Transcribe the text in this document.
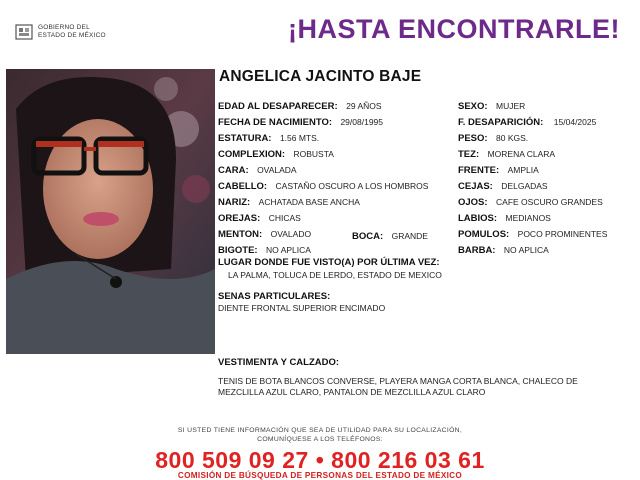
GOBIERNO DEL
ESTADO DE MÉXICO	¡HASTA ENCONTRARLE!
ANGELICA JACINTO BAJE
EDAD AL DESAPARECER: 29 AÑOS
FECHA DE NACIMIENTO: 29/08/1995
ESTATURA: 1.56 MTS.
COMPLEXION: ROBUSTA
CARA: OVALADA
CABELLO: CASTAÑO OSCURO A LOS HOMBROS
NARIZ: ACHATADA BASE ANCHA
OREJAS: CHICAS
MENTON: OVALADO
BIGOTE: NO APLICA
BOCA: GRANDE
SEXO: MUJER
F. DESAPARICIÓN: 15/04/2025
PESO: 80 KGS.
TEZ: MORENA CLARA
FRENTE: AMPLIA
CEJAS: DELGADAS
OJOS: CAFE OSCURO GRANDES
LABIOS: MEDIANOS
POMULOS: POCO PROMINENTES
BARBA: NO APLICA
LUGAR DONDE FUE VISTO(A) POR ÚLTIMA VEZ:
LA PALMA, TOLUCA DE LERDO, ESTADO DE MEXICO
SENAS PARTICULARES:
DIENTE FRONTAL SUPERIOR ENCIMADO
VESTIMENTA Y CALZADO:
TENIS DE BOTA BLANCOS CONVERSE, PLAYERA MANGA CORTA BLANCA, CHALECO DE
MEZCLILLA AZUL CLARO, PANTALON DE MEZCLILLA AZUL CLARO
SI USTED TIENE INFORMACIÓN QUE SEA DE UTILIDAD PARA SU LOCALIZACIÓN,
COMUNÍQUESE A LOS TELÉFONOS:
800 509 09 27 • 800 216 03 61
COMISIÓN DE BÚSQUEDA DE PERSONAS DEL ESTADO DE MÉXICO
